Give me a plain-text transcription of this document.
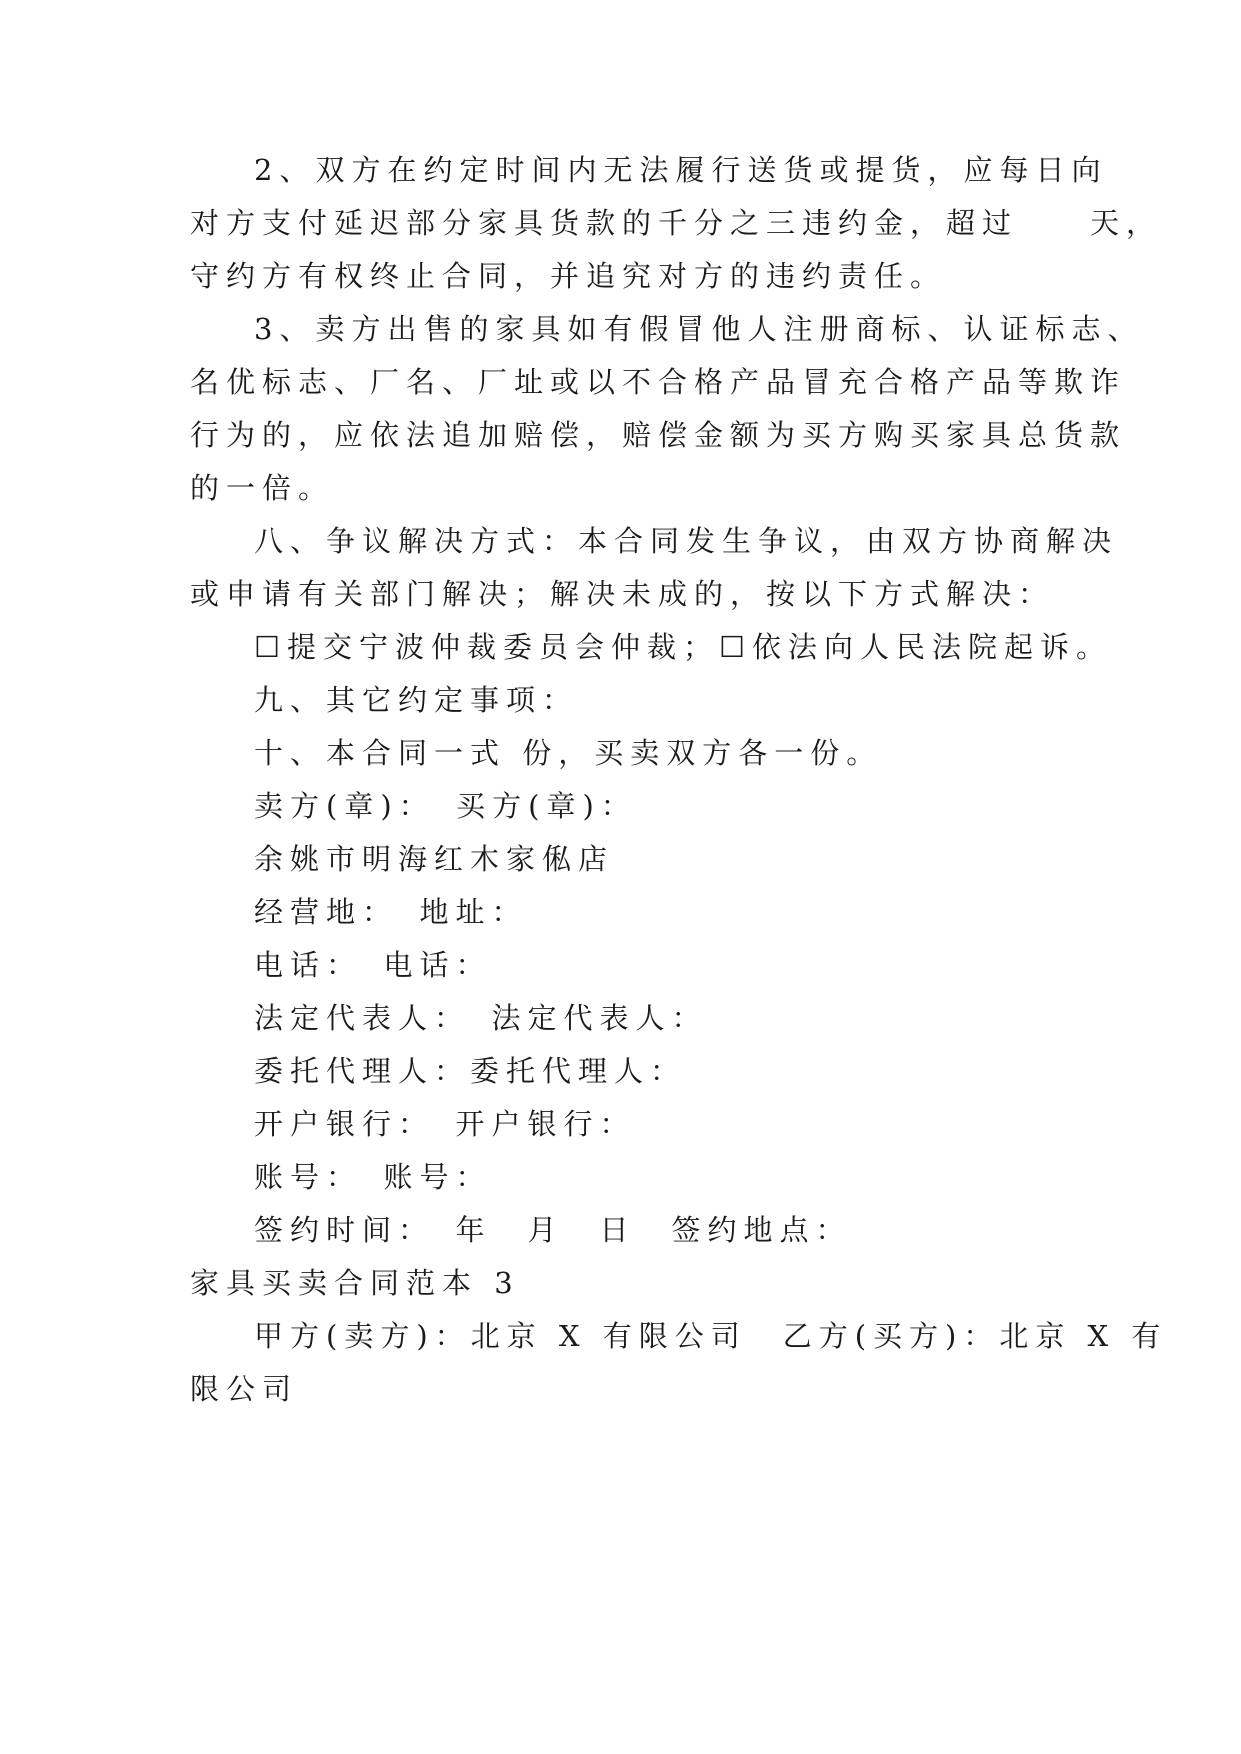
2、双方在约定时间内无法履行送货或提货，应每日向

对方支付延迟部分家具货款的千分之三违约金，超过　　天，

守约方有权终止合同，并追究对方的违约责任。

3、卖方出售的家具如有假冒他人注册商标、认证标志、

名优标志、厂名、厂址或以不合格产品冒充合格产品等欺诈

行为的，应依法追加赔偿，赔偿金额为买方购买家具总货款

的一倍。

八、争议解决方式：本合同发生争议，由双方协商解决

或申请有关部门解决；解决未成的，按以下方式解决：

☐提交宁波仲裁委员会仲裁；☐依法向人民法院起诉。

九、其它约定事项：

十、本合同一式 份，买卖双方各一份。

卖方(章)：　买方(章)：

余姚市明海红木家俬店

经营地：　地址：

电话：　电话：

法定代表人：　法定代表人：

委托代理人：委托代理人：

开户银行：　开户银行：

账号：　账号：

签约时间：　年　月　日　签约地点：

家具买卖合同范本 3

甲方(卖方)：北京 X 有限公司　乙方(买方)：北京 X 有

限公司
